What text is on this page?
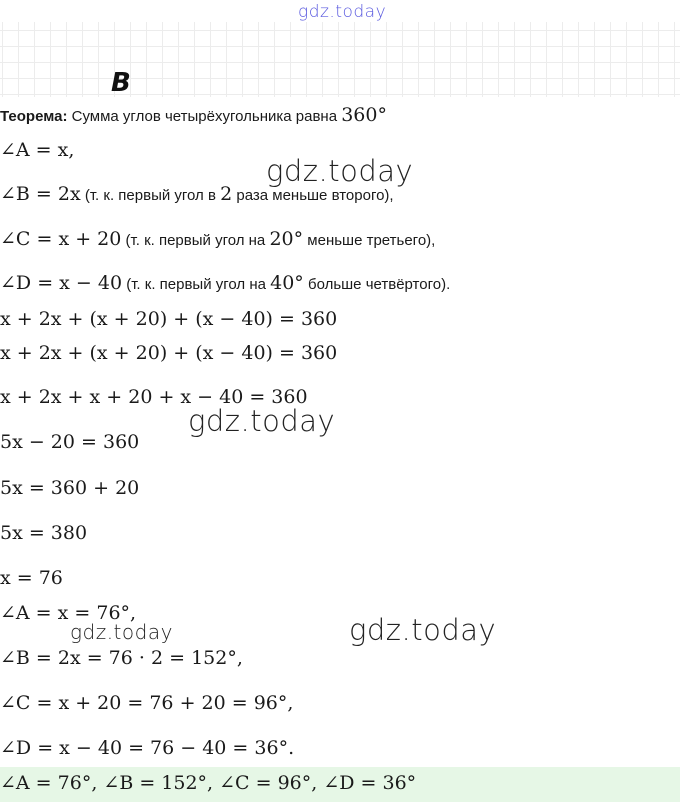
gdz.today
B
Теорема: Сумма углов четырёхугольника равна 360°
∠A = x,
∠B = 2x (т. к. первый угол в 2 раза меньше второго),
∠C = x + 20 (т. к. первый угол на 20° меньше третьего),
∠D = x − 40 (т. к. первый угол на 40° больше четвёртого).
x + 2x + (x + 20) + (x − 40) = 360
x + 2x + (x + 20) + (x − 40) = 360
x + 2x + x + 20 + x − 40 = 360
5x − 20 = 360
5x = 360 + 20
5x = 380
x = 76
∠A = x = 76°,
∠B = 2x = 76 · 2 = 152°,
∠C = x + 20 = 76 + 20 = 96°,
∠D = x − 40 = 76 − 40 = 36°.
∠A = 76°, ∠B = 152°, ∠C = 96°, ∠D = 36°
gdz.today
gdz.today
gdz.today	gdz.today
